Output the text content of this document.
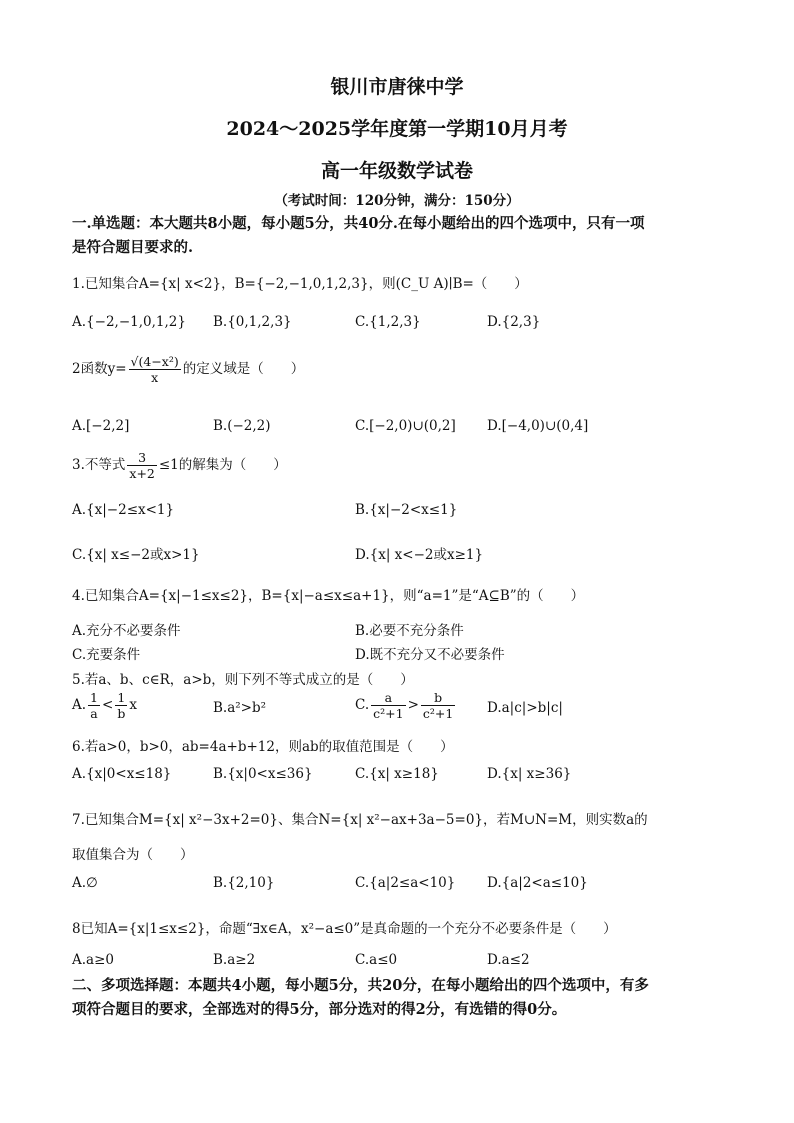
银川市唐徕中学
2024～2025学年度第一学期10月月考
高一年级数学试卷
（考试时间：120分钟，满分：150分）
一.单选题：本大题共8小题，每小题5分，共40分.在每小题给出的四个选项中，只有一项
是符合题目要求的.
1.已知集合A={x| x<2}，B={−2,−1,0,1,2,3}，则(C_U A)∣B=（　　）
A.{−2,−1,0,1,2} B.{0,1,2,3}	C.{1,2,3}	D.{2,3}
2函数$y= \frac{\text{√(4−x²)}}{x}$ 的定义域是（　　）
A.[−2,2]	B.(−2,2)	C.[−2,0)∪(0,2] D.[−4,0)∪(0,4]
3.不等式 $\frac{3}{x+2} \le 1$的解集为（　　）
A.{x|−2≤x<1}	B.{x|−2<x≤1}
C.{x| x≤−2或x>1}	D.{x| x<−2或x≥1}
4.已知集合A={x|−1≤x≤2}，B={x|−a≤x≤a+1}，则“a=1”是“A⊆B”的（　　）
A.充分不必要条件	B.必要不充分条件
C.充要条件	D.既不充分又不必要条件
5.若a、b、c∈R，a>b，则下列不等式成立的是（　　）
A. $\frac{1}{a} < \frac{1}{b}$ x	B.a²>b²	C. $\frac{a}{\text{c²+1}} > \frac{b}{\text{c²+1}} D.a|c|>b|c|$
6.若a>0，b>0，ab=4a+b+12，则ab的取值范围是（　　）
A.{x|0<x≤18}	B.{x|0<x≤36}	C.{x| x≥18}	D.{x| x≥36}
7.已知集合M={x| x²−3x+2=0}、集合N={x| x²−ax+3a−5=0}，若M∪N=M，则实数a的
取值集合为（　　）
A.∅	B.{2,10}	C.{a|2≤a<10} D.{a|2<a≤10}
8已知A={x|1≤x≤2}，命题“∃x∈A，x²−a≤0”是真命题的一个充分不必要条件是（　　）
A.a≥0	B.a≥2	C.a≤0	D.a≤2
二、多项选择题：本题共4小题，每小题5分，共20分，在每小题给出的四个选项中，有多
项符合题目的要求，全部选对的得5分，部分选对的得2分，有选错的得0分。
